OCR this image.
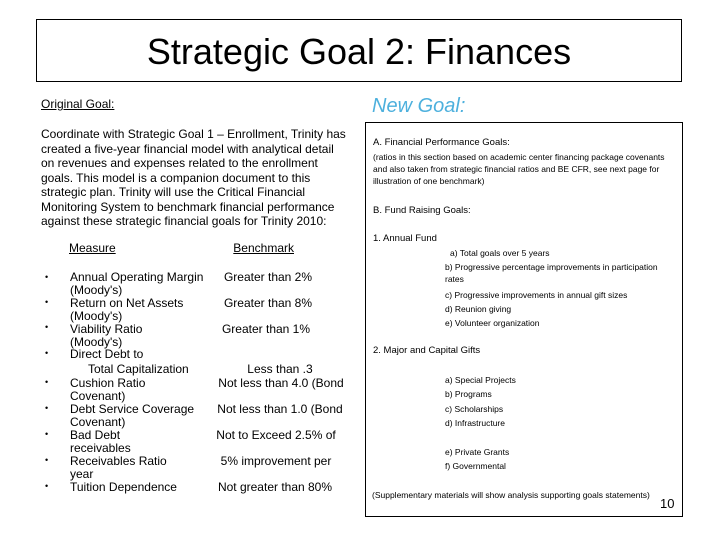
Strategic Goal 2: Finances
Original Goal:
Coordinate with Strategic Goal 1 – Enrollment, Trinity has created a five-year financial model with analytical detail on revenues and expenses related to the enrollment goals. This model is a companion document to this strategic plan. Trinity will use the Critical Financial Monitoring System to benchmark financial performance against these strategic financial goals for Trinity 2010:
Measure	Benchmark
•
•
•
•
•
•
•
•
•
Annual Operating Margin (Moody's)
Return on Net Assets (Moody's)
Viability Ratio (Moody's)
Direct Debt to
Total Capitalization
Cushion Ratio Covenant)
Debt Service Coverage Covenant)
Bad Debt receivables
Receivables Ratio year
Tuition Dependence
Greater than 2%
Greater than 8%
Greater than 1%
Less than .3
Not less than 4.0 (Bond
Not less than 1.0 (Bond
Not to Exceed 2.5% of
5% improvement per
Not greater than 80%
New Goal:
A. Financial Performance Goals:
(ratios in this section based on academic center financing package covenants and also taken from strategic financial ratios and BE CFR, see next page for illustration of one benchmark)
B. Fund Raising Goals:
1. Annual Fund
a) Total goals over 5 years
b) Progressive percentage improvements in participation rates
c) Progressive improvements in annual gift sizes
d) Reunion giving
e) Volunteer organization
2. Major and Capital Gifts
a) Special Projects
b) Programs
c) Scholarships
d) Infrastructure
e) Private Grants
f) Governmental
(Supplementary materials will show analysis supporting goals statements)
10
